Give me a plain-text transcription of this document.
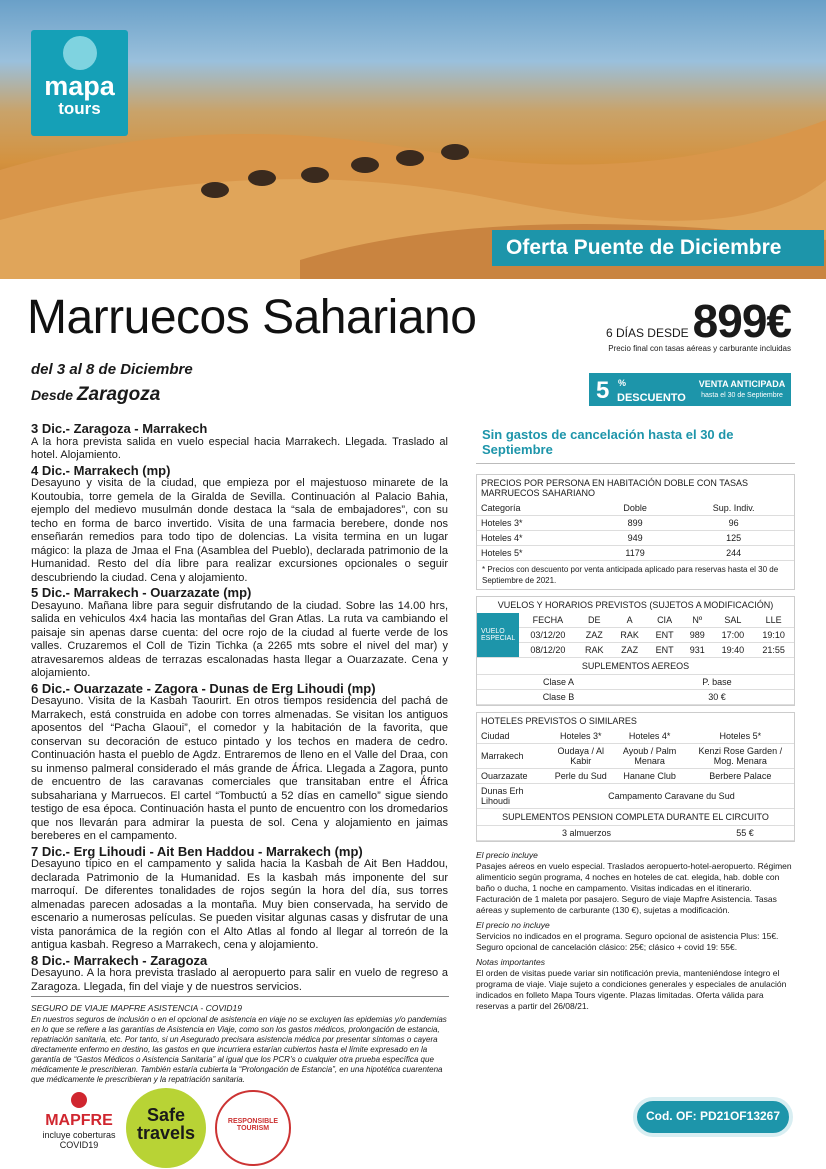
mapa
tours
Oferta Puente de Diciembre
Marruecos Sahariano
del 3 al 8 de Diciembre
Desde Zaragoza
6 DÍAS DESDE899€
Precio final con tasas aéreas y carburante incluidas
5 %
DESCUENTO
VENTA ANTICIPADA
hasta el 30 de Septiembre
3 Dic.- Zaragoza - Marrakech

A la hora prevista salida en vuelo especial hacia Marrakech. Llegada. Traslado al hotel. Alojamiento.

4 Dic.- Marrakech (mp)

Desayuno y visita de la ciudad, que empieza por el majestuoso minarete de la Koutoubia, torre gemela de la Giralda de Sevilla. Continuación al Palacio Bahia, ejemplo del medievo musulmán donde destaca la “sala de embajadores”, con su techo en forma de barco invertido. Visita de una farmacia berebere, donde nos enseñarán remedios para todo tipo de dolencias. La visita termina en un lugar mágico: la plaza de Jmaa el Fna (Asamblea del Pueblo), declarada patrimonio de la Humanidad. Resto del día libre para realizar excursiones opcionales o seguir descubriendo la ciudad. Cena y alojamiento.

5 Dic.- Marrakech - Ouarzazate (mp)

Desayuno. Mañana libre para seguir disfrutando de la ciudad. Sobre las 14.00 hrs, salida en vehiculos 4x4 hacia las montañas del Gran Atlas. La ruta va cambiando el paisaje sin apenas darse cuenta: del ocre rojo de la ciudad al fuerte verde de los valles. Cruzaremos el Coll de Tizin Tichka (a 2265 mts sobre el nivel del mar) y atravesaremos aldeas de terrazas escalonadas hasta llegar a Ouarzazate. Cena y alojamiento.

6 Dic.- Ouarzazate - Zagora - Dunas de Erg Lihoudi (mp)

Desayuno. Visita de la Kasbah Taourirt. En otros tiempos residencia del pachá de Marrakech, está construida en adobe con torres almenadas. Se visitan los antiguos aposentos del “Pacha Glaoui”, el comedor y la habitación de la favorita, que conservan su decoración de estuco pintado y los techos en madera de cedro. Continuación hasta el pueblo de Agdz. Entraremos de lleno en el Valle del Draa, con su inmenso palmeral considerado el más grande de África. Llegada a Zagora, punto de encuentro de las caravanas comerciales que transitaban entre el África subsahariana y Marruecos. El cartel “Tombuctú a 52 días en camello” sigue siendo testigo de esa época. Continuación hasta el punto de encuentro con los dromedarios que nos llevarán para admirar la puesta de sol. Cena y alojamiento en jaimas bereberes en el campamento.

7 Dic.- Erg Lihoudi - Ait Ben Haddou - Marrakech (mp)

Desayuno típico en el campamento y salida hacia la Kasbah de Ait Ben Haddou, declarada Patrimonio de la Humanidad. Es la kasbah más imponente del sur marroquí. De diferentes tonalidades de rojos según la hora del día, sus torres almenadas parecen adosadas a la montaña. Muy bien conservada, ha servido de escenario a numerosas películas. Se pueden visitar algunas casas y disfrutar de una vista panorámica de la región con el Alto Atlas al fondo al llegar al torreón de la antigua kasbah. Regreso a Marrakech, cena y alojamiento.

8 Dic.- Marrakech - Zaragoza

Desayuno. A la hora prevista traslado al aeropuerto para salir en vuelo de regreso a Zaragoza. Llegada, fin del viaje y de nuestros servicios.

SEGURO DE VIAJE MAPFRE ASISTENCIA - COVID19
En nuestros seguros de inclusión o en el opcional de asistencia en viaje no se excluyen las epidemias y/o pandemias en lo que se refiere a las garantías de Asistencia en Viaje, como son los gastos médicos, prolongación de estancia, repatriación sanitaria, etc. Por tanto, si un Asegurado precisara asistencia médica por presentar síntomas o cayera directamente enfermo en destino, las gastos en que incurriera estarían cubiertos hasta el límite expresado en la garantía de “Gastos Médicos o Asistencia Sanitaria” al igual que los PCR’s o cualquier otra prueba específica que médicamente le prescribieran. También estaría cubierta la “Prolongación de Estancia”, en una hipotética cuarentena que médicamente le prescribieran y la repatriación sanitaria.
MAPFRE
incluye coberturas
COVID19
Safe
travels
RESPONSIBLE TOURISM
Sin gastos de cancelación hasta el 30 de Septiembre
PRECIOS POR PERSONA EN HABITACIÓN DOBLE CON TASAS MARRUECOS SAHARIANO
Categoría	Doble	Sup. Indiv.
Hoteles 3*	899	96
Hoteles 4*	949	125
Hoteles 5*	1179	244
* Precios con descuento por venta anticipada aplicado para reservas hasta el 30 de Septiembre de 2021.
VUELOS Y HORARIOS PREVISTOS (SUJETOS A MODIFICACIÓN)
VUELO ESPECIAL	FECHA	DE	A	CIA	Nº	SAL	LLE
	03/12/20	ZAZ	RAK	ENT	989	17:00	19:10
	08/12/20	RAK	ZAZ	ENT	931	19:40	21:55
SUPLEMENTOS AEREOS
Clase A	P. base
Clase B	30 €
HOTELES PREVISTOS O SIMILARES
Ciudad	Hoteles 3*	Hoteles 4*	Hoteles 5*
Marrakech	Oudaya / Al Kabir	Ayoub / Palm Menara	Kenzi Rose Garden / Mog. Menara
Ouarzazate	Perle du Sud	Hanane Club	Berbere Palace
Dunas Erh Lihoudi	Campamento Caravane du Sud		
SUPLEMENTOS PENSION COMPLETA DURANTE EL CIRCUITO
3 almuerzos	55 €
El precio incluye
Pasajes aéreos en vuelo especial. Traslados aeropuerto-hotel-aeropuerto. Régimen alimenticio según programa, 4 noches en hoteles de cat. elegida, hab. doble con baño o ducha, 1 noche en campamento. Visitas indicadas en el itinerario. Facturación de 1 maleta por pasajero. Seguro de viaje Mapfre Asistencia. Tasas aéreas y suplemento de carburante (130 €), sujetas a modificación.
El precio no incluye
Servicios no indicados en el programa. Seguro opcional de asistencia Plus: 15€. Seguro opcional de cancelación clásico: 25€; clásico + covid 19: 55€.
Notas importantes
El orden de visitas puede variar sin notificación previa, manteniéndose íntegro el programa de viaje. Viaje sujeto a condiciones generales y especiales de anulación indicados en folleto Mapa Tours vigente. Plazas limitadas. Oferta válida para reservas a partir del 26/08/21.
Cod. OF: PD21OF13267
